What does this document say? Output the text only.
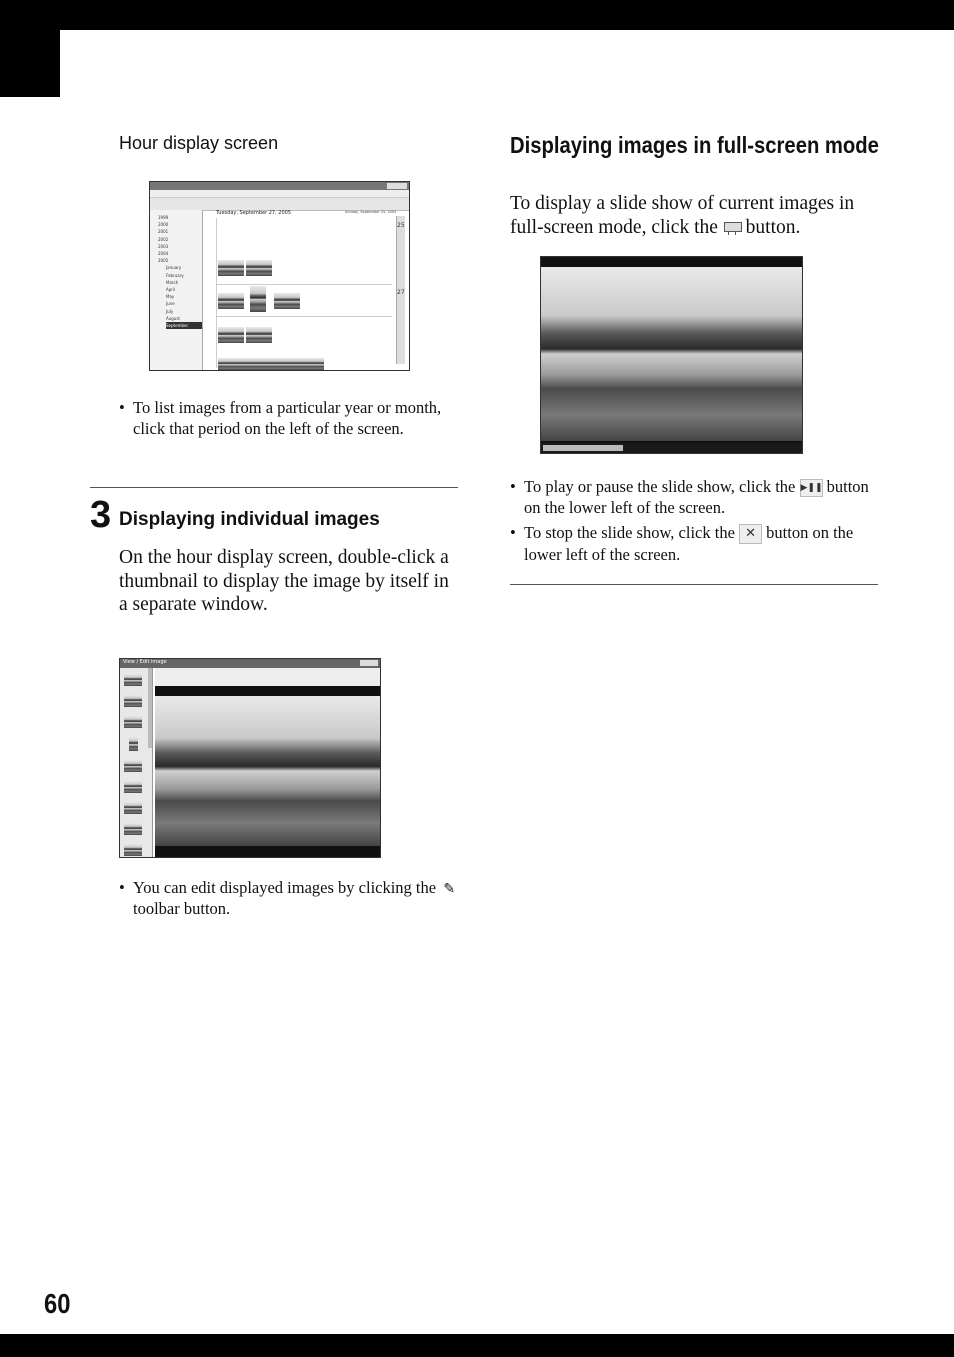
60
Hour display screen
1999
2000
2001
2002
2003
2004
2005
January
February
March
April
May
June
July
August
September
Tuesday, September 27, 2005	Sunday, September 25, 2005
25
27
•  To list images from a particular year or month, click that period on the left of the screen.
3 Displaying individual images
On the hour display screen, double-click a thumbnail to display the image by itself in a separate window.
View / Edit image
•  You can edit displayed images by clicking the ✎ toolbar button.
Displaying images in full-screen mode
To display a slide show of current images in full-screen mode, click the button.
•  To play or pause the slide show, click the ▶❚❚ button on the lower left of the screen.
•  To stop the slide show, click the ✕ button on the lower left of the screen.
